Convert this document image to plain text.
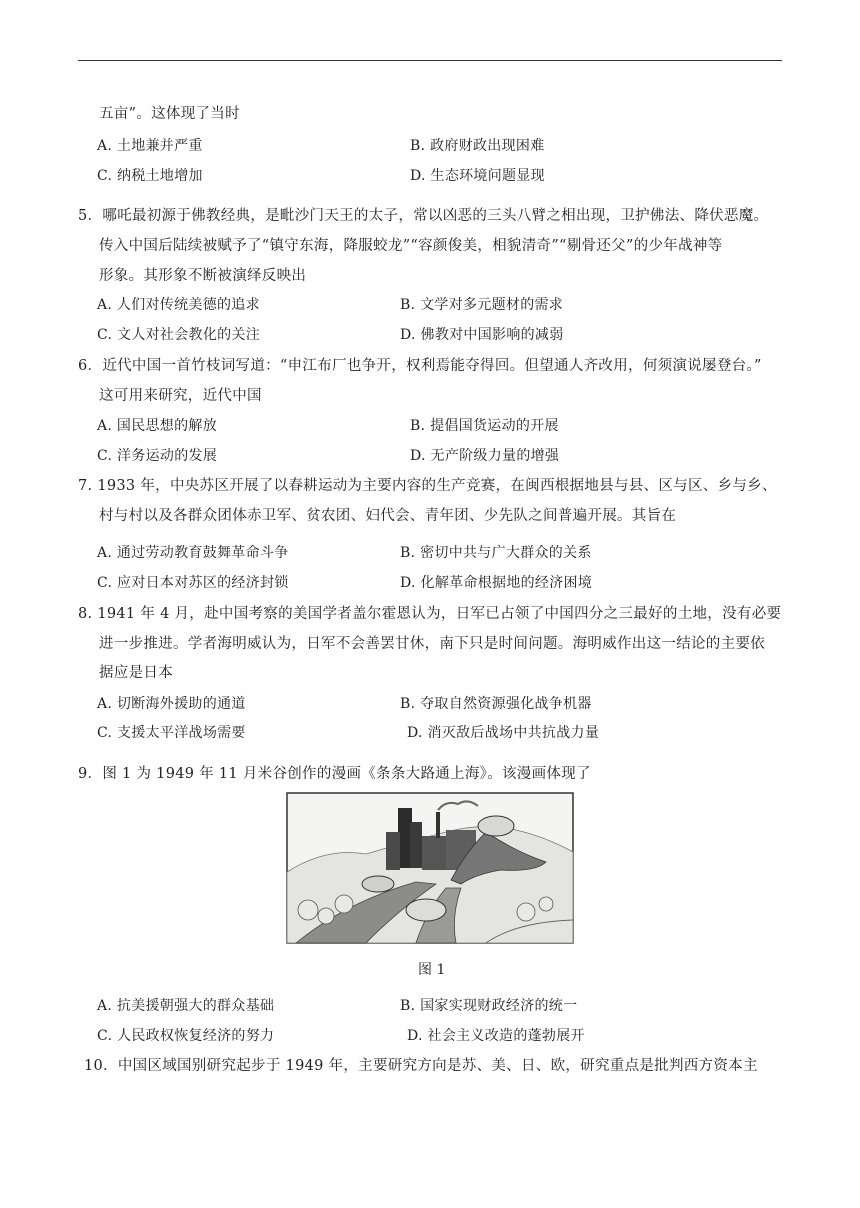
五亩”。这体现了当时
A. 土地兼并严重	B. 政府财政出现困难
C. 纳税土地增加	D. 生态环境问题显现
5．哪吒最初源于佛教经典，是毗沙门天王的太子，常以凶恶的三头八臂之相出现，卫护佛法、降伏恶魔。
传入中国后陆续被赋予了“镇守东海，降服蛟龙”“容颜俊美，相貌清奇”“剔骨还父”的少年战神等
形象。其形象不断被演绎反映出
A. 人们对传统美德的追求	B. 文学对多元题材的需求
C. 文人对社会教化的关注	D. 佛教对中国影响的减弱
6．近代中国一首竹枝词写道：“申江布厂也争开，权利焉能夺得回。但望通人齐改用，何须演说屡登台。”
这可用来研究，近代中国
A. 国民思想的解放	B. 提倡国货运动的开展
C. 洋务运动的发展	D. 无产阶级力量的增强
7. 1933 年，中央苏区开展了以春耕运动为主要内容的生产竞赛，在闽西根据地县与县、区与区、乡与乡、
村与村以及各群众团体赤卫军、贫农团、妇代会、青年团、少先队之间普遍开展。其旨在
A. 通过劳动教育鼓舞革命斗争	B. 密切中共与广大群众的关系
C. 应对日本对苏区的经济封锁	D. 化解革命根据地的经济困境
8. 1941 年 4 月，赴中国考察的美国学者盖尔霍恩认为，日军已占领了中国四分之三最好的土地，没有必要
进一步推进。学者海明威认为，日军不会善罢甘休，南下只是时间问题。海明威作出这一结论的主要依
据应是日本
A. 切断海外援助的通道	B. 夺取自然资源强化战争机器
C. 支援太平洋战场需要	D. 消灭敌后战场中共抗战力量
9．图 1 为 1949 年 11 月米谷创作的漫画《条条大路通上海》。该漫画体现了
图 1
A. 抗美援朝强大的群众基础	B. 国家实现财政经济的统一
C. 人民政权恢复经济的努力	D. 社会主义改造的蓬勃展开
10．中国区域国别研究起步于 1949 年，主要研究方向是苏、美、日、欧，研究重点是批判西方资本主
